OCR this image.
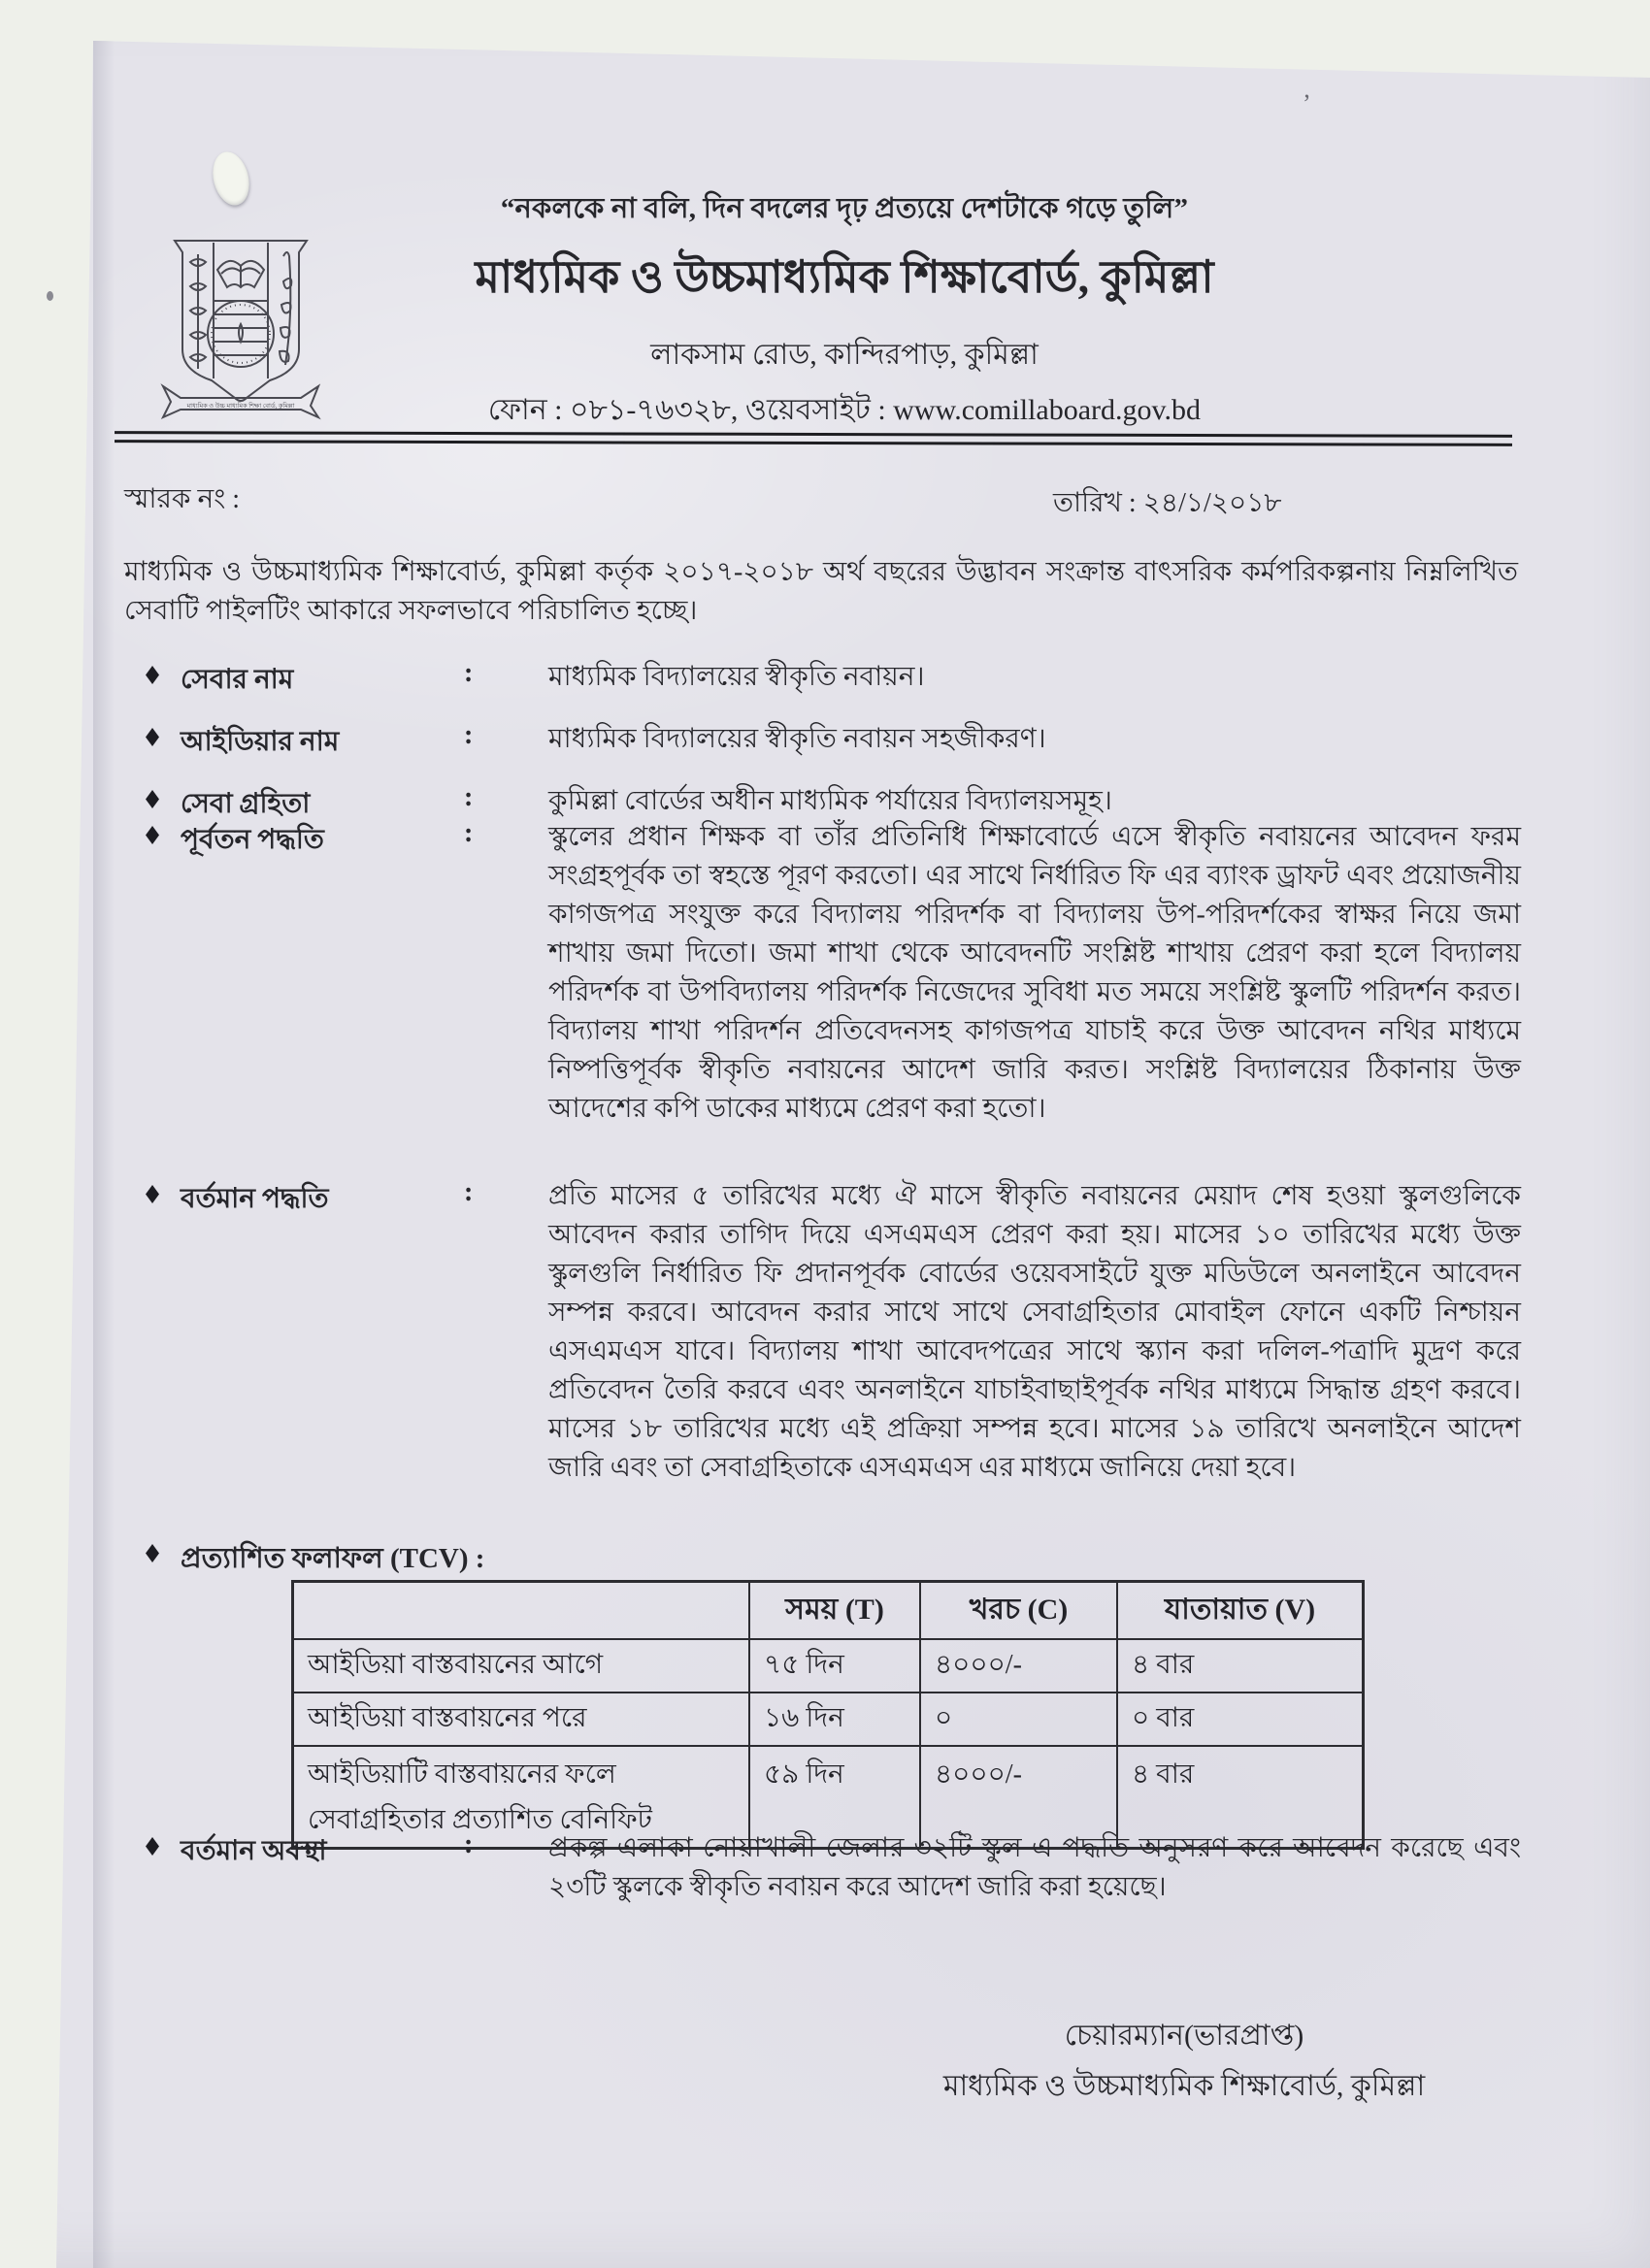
মাধ্যমিক ও উচ্চ মাধ্যমিক শিক্ষা বোর্ড, কুমিল্লা
“নকলকে না বলি, দিন বদলের দৃঢ় প্রত্যয়ে দেশটাকে গড়ে তুলি”
মাধ্যমিক ও উচ্চমাধ্যমিক শিক্ষাবোর্ড, কুমিল্লা
লাকসাম রোড, কান্দিরপাড়, কুমিল্লা
ফোন : ০৮১-৭৬৩২৮, ওয়েবসাইট : www.comillaboard.gov.bd
স্মারক নং :	তারিখ : ২৪/১/২০১৮
মাধ্যমিক ও উচ্চমাধ্যমিক শিক্ষাবোর্ড, কুমিল্লা কর্তৃক ২০১৭-২০১৮ অর্থ বছরের উদ্ভাবন সংক্রান্ত বাৎসরিক কর্মপরিকল্পনায় নিম্নলিখিত সেবাটি পাইলটিং আকারে সফলভাবে পরিচালিত হচ্ছে।
সেবার নাম	:	মাধ্যমিক বিদ্যালয়ের স্বীকৃতি নবায়ন।
আইডিয়ার নাম	:	মাধ্যমিক বিদ্যালয়ের স্বীকৃতি নবায়ন সহজীকরণ।
সেবা গ্রহিতা	:	কুমিল্লা বোর্ডের অধীন মাধ্যমিক পর্যায়ের বিদ্যালয়সমূহ।
পূর্বতন পদ্ধতি	:	স্কুলের প্রধান শিক্ষক বা তাঁর প্রতিনিধি শিক্ষাবোর্ডে এসে স্বীকৃতি নবায়নের আবেদন ফরম সংগ্রহপূর্বক তা স্বহস্তে পূরণ করতো। এর সাথে নির্ধারিত ফি এর ব্যাংক ড্রাফট এবং প্রয়োজনীয় কাগজপত্র সংযুক্ত করে বিদ্যালয় পরিদর্শক বা বিদ্যালয় উপ-পরিদর্শকের স্বাক্ষর নিয়ে জমা শাখায় জমা দিতো। জমা শাখা থেকে আবেদনটি সংশ্লিষ্ট শাখায় প্রেরণ করা হলে বিদ্যালয় পরিদর্শক বা উপবিদ্যালয় পরিদর্শক নিজেদের সুবিধা মত সময়ে সংশ্লিষ্ট স্কুলটি পরিদর্শন করত। বিদ্যালয় শাখা পরিদর্শন প্রতিবেদনসহ কাগজপত্র যাচাই করে উক্ত আবেদন নথির মাধ্যমে নিষ্পত্তিপূর্বক স্বীকৃতি নবায়নের আদেশ জারি করত। সংশ্লিষ্ট বিদ্যালয়ের ঠিকানায় উক্ত আদেশের কপি ডাকের মাধ্যমে প্রেরণ করা হতো।
বর্তমান পদ্ধতি	:	প্রতি মাসের ৫ তারিখের মধ্যে ঐ মাসে স্বীকৃতি নবায়নের মেয়াদ শেষ হওয়া স্কুলগুলিকে আবেদন করার তাগিদ দিয়ে এসএমএস প্রেরণ করা হয়। মাসের ১০ তারিখের মধ্যে উক্ত স্কুলগুলি নির্ধারিত ফি প্রদানপূর্বক বোর্ডের ওয়েবসাইটে যুক্ত মডিউলে অনলাইনে আবেদন সম্পন্ন করবে। আবেদন করার সাথে সাথে সেবাগ্রহিতার মোবাইল ফোনে একটি নিশ্চায়ন এসএমএস যাবে। বিদ্যালয় শাখা আবেদপত্রের সাথে স্ক্যান করা দলিল-পত্রাদি মুদ্রণ করে প্রতিবেদন তৈরি করবে এবং অনলাইনে যাচাইবাছাইপূর্বক নথির মাধ্যমে সিদ্ধান্ত গ্রহণ করবে। মাসের ১৮ তারিখের মধ্যে এই প্রক্রিয়া সম্পন্ন হবে। মাসের ১৯ তারিখে অনলাইনে আদেশ জারি এবং তা সেবাগ্রহিতাকে এসএমএস এর মাধ্যমে জানিয়ে দেয়া হবে।
প্রত্যাশিত ফলাফল (TCV) :
	সময় (T)	খরচ (C)	যাতায়াত (V)
আইডিয়া বাস্তবায়নের আগে	৭৫ দিন	৪০০০/-	৪ বার
আইডিয়া বাস্তবায়নের পরে	১৬ দিন	০	০ বার
আইডিয়াটি বাস্তবায়নের ফলে সেবাগ্রহিতার প্রত্যাশিত বেনিফিট	৫৯ দিন	৪০০০/-	৪ বার
বর্তমান অবস্থা	:	প্রকল্প এলাকা নোয়াখালী জেলার ৩২টি স্কুল এ পদ্ধতি অনুসরণ করে আবেদন করেছে এবং ২৩টি স্কুলকে স্বীকৃতি নবায়ন করে আদেশ জারি করা হয়েছে।
চেয়ারম্যান(ভারপ্রাপ্ত)
মাধ্যমিক ও উচ্চমাধ্যমিক শিক্ষাবোর্ড, কুমিল্লা
’
